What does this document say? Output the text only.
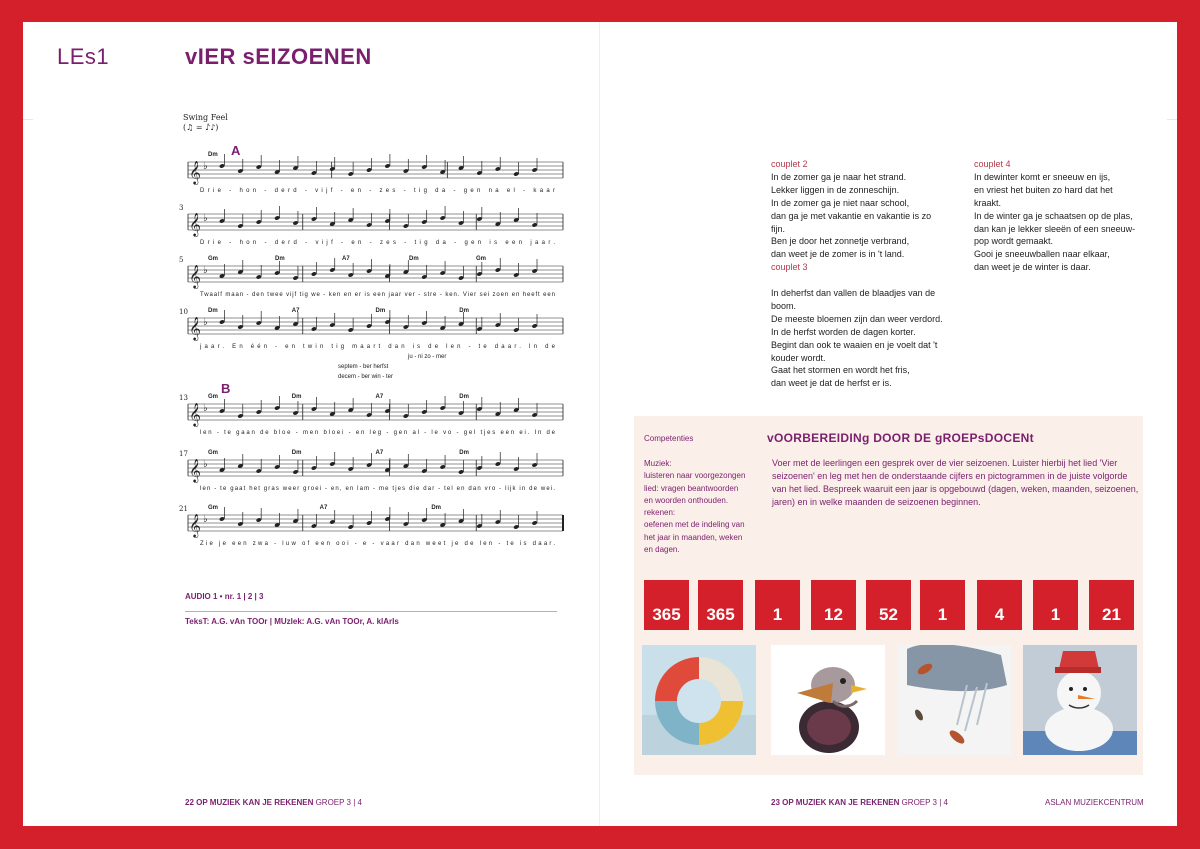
LEs1	vIER sEIZOENEN
Swing Feel
(♫ = ♪̇♪)
𝄞 ♭
Dm
Drie - hon - derd - vijf - en - zes - tig da - gen na el - kaar
𝄞 ♭
3
Drie - hon - derd - vijf - en - zes - tig da - gen is een jaar.
𝄞 ♭
5	Gm	Dm	A7	Dm	Gm
Twaalf maan - den twee vijf tig we - ken en er is een jaar ver - stre - ken. Vier sei zoen en heeft een
𝄞 ♭
10	Dm	A7	Dm	Dm
jaar. En één - en twin tig maart dan is de len - te daar. In de
ju - ni zo - mer
septem - ber herfst
decem - ber win - ter
𝄞 ♭
13	Gm	Dm	A7	Dm
len - te gaan de bloe - men bloei - en leg - gen al - le vo - gel tjes een ei. In de
𝄞 ♭
17	Gm	Dm	A7	Dm
len - te gaat het gras weer groei - en, en lam - me tjes die dar - tel en dan vro - lijk in de wei.
𝄞 ♭
21	Gm	A7	Dm
Zie je een zwa - luw of een ooi - e - vaar dan weet je de len - te is daar.
A
B
AUDIO 1 • nr. 1 | 2 | 3
TeksT: A.G. vAn TOOr | MUzIek: A.G. vAn TOOr, A. klArIs
22 OP MUZIEK KAN JE REKENEN GROEP 3 | 4

couplet 2

In de zomer ga je naar het strand.

Lekker liggen in de zonneschijn.

In de zomer ga je niet naar school,

dan ga je met vakantie en vakantie is zo

fijn.

Ben je door het zonnetje verbrand,

dan weet je de zomer is in 't land.

couplet 3

In deherfst dan vallen de blaadjes van de

boom.

De meeste bloemen zijn dan weer verdord.

In de herfst worden de dagen korter.

Begint dan ook te waaien en je voelt dat 't

kouder wordt.

Gaat het stormen en wordt het fris,

dan weet je dat de herfst er is.

couplet 4

In dewinter komt er sneeuw en ijs,

en vriest het buiten zo hard dat het

kraakt.

In de winter ga je schaatsen op de plas,

dan kan je lekker sleeën of een sneeuw-

pop wordt gemaakt.

Gooi je sneeuwballen naar elkaar,

dan weet je de winter is daar.

Competenties

Muziek:

luisteren naar voorgezongen

lied: vragen beantwoorden

en woorden onthouden.

rekenen:

oefenen met de indeling van

het jaar in maanden, weken

en dagen.

vOORBEREIDINg DOOR DE gROEPsDOCENt

Voer met de leerlingen een gesprek over de vier seizoenen. Luister hierbij het lied 'Vier seizoenen' en leg met hen de onderstaande cijfers en pictogrammen in de juiste volgorde van het lied. Bespreek waaruit een jaar is opgebouwd (dagen, weken, maanden, seizoenen, jaren) en in welke maanden de seizoenen beginnen.

365	365	1	12	52	1	4	1	21
23 OP MUZIEK KAN JE REKENEN GROEP 3 | 4	ASLAN MUZIEKCENTRUM
